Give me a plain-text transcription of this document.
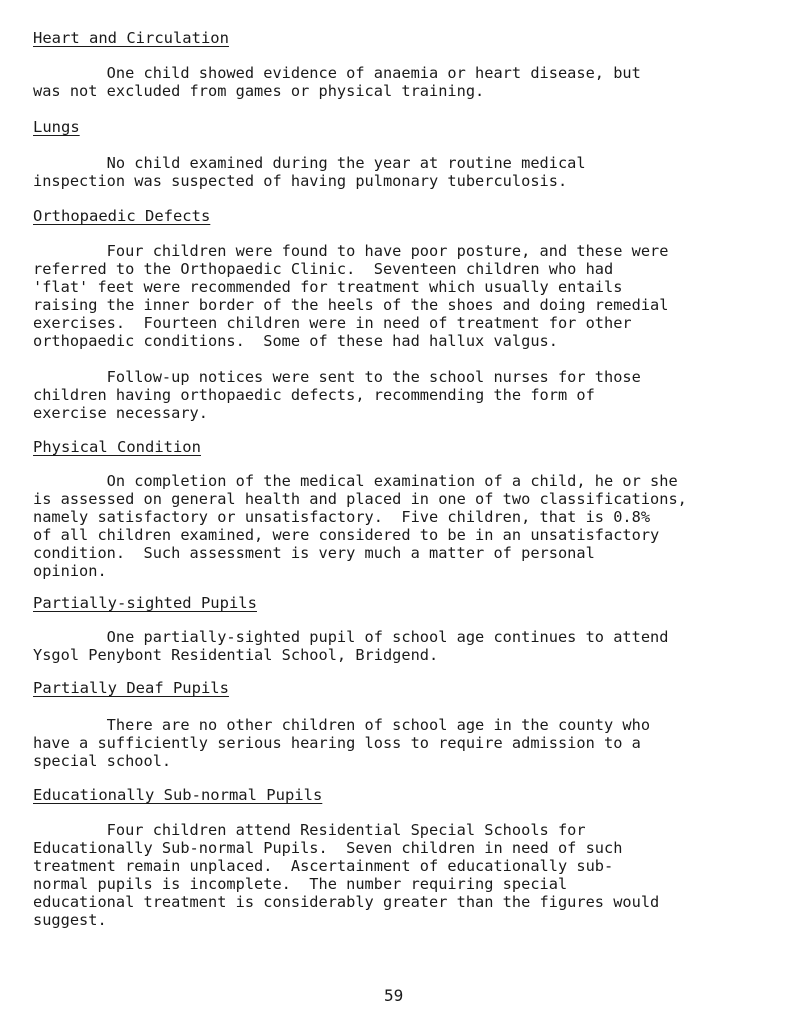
Heart and Circulation

One child showed evidence of anaemia or heart disease, but
was not excluded from games or physical training.

Lungs

No child examined during the year at routine medical
inspection was suspected of having pulmonary tuberculosis.

Orthopaedic Defects

Four children were found to have poor posture, and these were
referred to the Orthopaedic Clinic.  Seventeen children who had
'flat' feet were recommended for treatment which usually entails
raising the inner border of the heels of the shoes and doing remedial
exercises.  Fourteen children were in need of treatment for other
orthopaedic conditions.  Some of these had hallux valgus.

Follow-up notices were sent to the school nurses for those
children having orthopaedic defects, recommending the form of
exercise necessary.

Physical Condition

On completion of the medical examination of a child, he or she
is assessed on general health and placed in one of two classifications,
namely satisfactory or unsatisfactory.  Five children, that is 0.8%
of all children examined, were considered to be in an unsatisfactory
condition.  Such assessment is very much a matter of personal
opinion.

Partially-sighted Pupils

One partially-sighted pupil of school age continues to attend
Ysgol Penybont Residential School, Bridgend.

Partially Deaf Pupils

There are no other children of school age in the county who
have a sufficiently serious hearing loss to require admission to a
special school.

Educationally Sub-normal Pupils

Four children attend Residential Special Schools for
Educationally Sub-normal Pupils.  Seven children in need of such
treatment remain unplaced.  Ascertainment of educationally sub-
normal pupils is incomplete.  The number requiring special
educational treatment is considerably greater than the figures would
suggest.

59
